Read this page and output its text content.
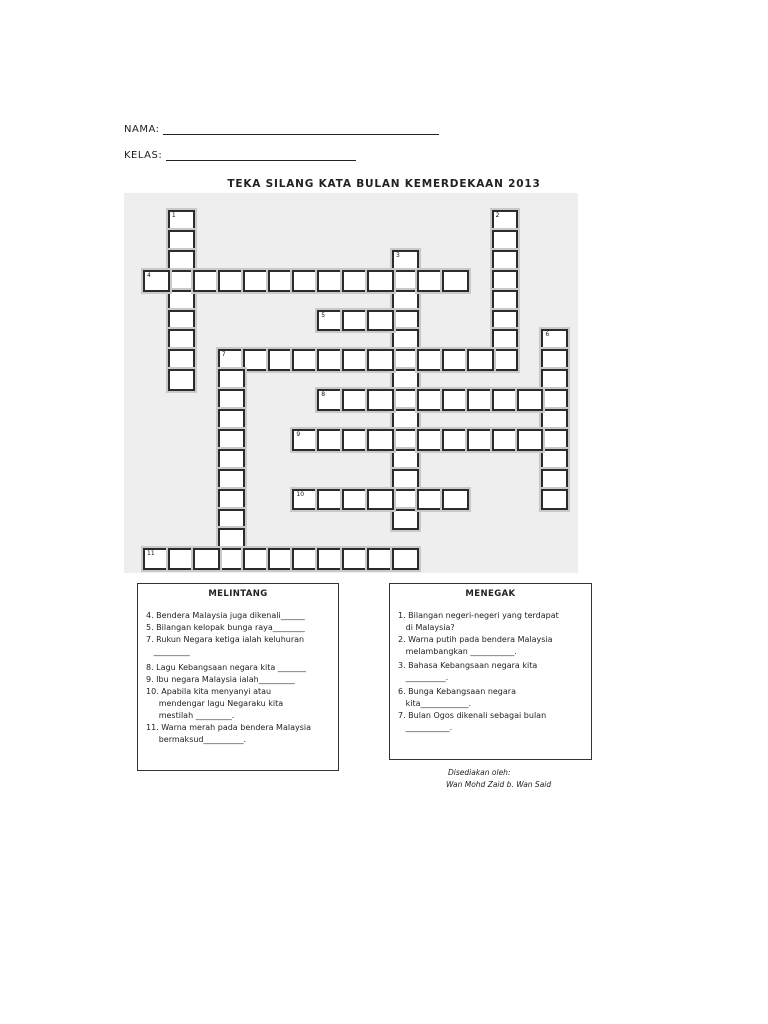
NAMA:
KELAS:
TEKA SILANG KATA BULAN KEMERDEKAAN 2013
1	2
3
4
5
6
7
8
9
10
11
MELINTANG
4. Bendera Malaysia juga dikenali______
5. Bilangan kelopak bunga raya________
7. Rukun Negara ketiga ialah keluhuran
_________
8. Lagu Kebangsaan negara kita _______
9. Ibu negara Malaysia ialah_________
10. Apabila kita menyanyi atau
mendengar lagu Negaraku kita
mestilah _________.
11. Warna merah pada bendera Malaysia
bermaksud__________.
MENEGAK
1. Bilangan negeri-negeri yang terdapat
di Malaysia?
2. Warna putih pada bendera Malaysia
melambangkan ___________.
3. Bahasa Kebangsaan negara kita
__________.
6. Bunga Kebangsaan negara
kita____________.
7. Bulan Ogos dikenali sebagai bulan
___________.
Disediakan oleh:
Wan Mohd Zaid b. Wan Said
